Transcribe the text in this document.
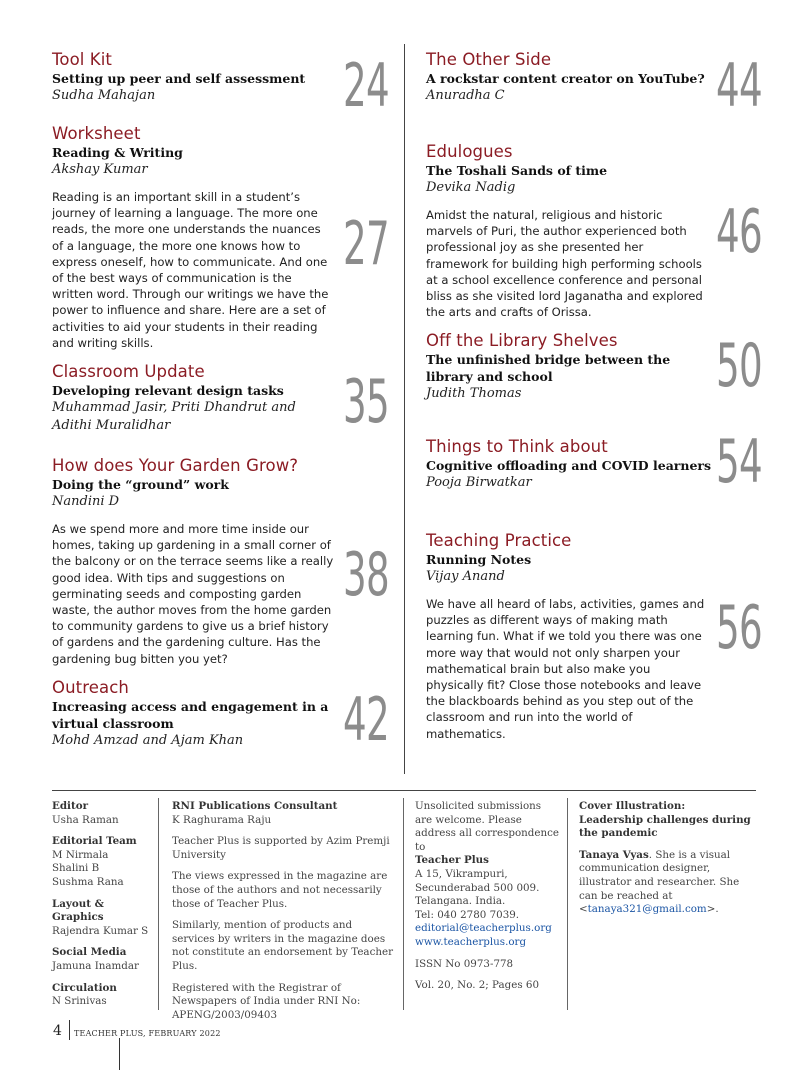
Tool Kit
Setting up peer and self assessment
Sudha Mahajan	24
Worksheet
Reading & Writing
Akshay Kumar
Reading is an important skill in a student’s journey of learning a language. The more one reads, the more one understands the nuances of a language, the more one knows how to express oneself, how to communicate. And one of the best ways of communication is the written word. Through our writings we have the power to influence and share. Here are a set of activities to aid your students in their reading and writing skills.
27
Classroom Update
Developing relevant design tasks
Muhammad Jasir, Priti Dhandrut and Adithi Muralidhar	35
How does Your Garden Grow?
Doing the “ground” work
Nandini D
As we spend more and more time inside our homes, taking up gardening in a small corner of the balcony or on the terrace seems like a really good idea. With tips and suggestions on germinating seeds and composting garden waste, the author moves from the home garden to community gardens to give us a brief history of gardens and the gardening culture. Has the gardening bug bitten you yet?
38
Outreach
Increasing access and engagement in a virtual classroom
Mohd Amzad and Ajam Khan	42
The Other Side
A rockstar content creator on YouTube?
Anuradha C	44
Edulogues
The Toshali Sands of time
Devika Nadig
Amidst the natural, religious and historic marvels of Puri, the author experienced both professional joy as she presented her framework for building high performing schools at a school excellence conference and personal bliss as she visited lord Jaganatha and explored the arts and crafts of Orissa.
46
Off the Library Shelves
The unfinished bridge between the library and school
Judith Thomas	50
Things to Think about
Cognitive offloading and COVID learners
Pooja Birwatkar	54
Teaching Practice
Running Notes
Vijay Anand
We have all heard of labs, activities, games and puzzles as different ways of making math learning fun. What if we told you there was one more way that would not only sharpen your mathematical brain but also make you physically fit? Close those notebooks and leave the blackboards behind as you step out of the classroom and run into the world of mathematics.
56
Editor
Usha Raman
Editorial Team
M Nirmala
Shalini B
Sushma Rana
Layout & Graphics
Rajendra Kumar S
Social Media
Jamuna Inamdar
Circulation
N Srinivas
RNI Publications Consultant
K Raghurama Raju
Teacher Plus is supported by Azim Premji University
The views expressed in the magazine are those of the authors and not necessarily those of Teacher Plus.
Similarly, mention of products and services by writers in the magazine does not constitute an endorsement by Teacher Plus.
Registered with the Registrar of Newspapers of India under RNI No: APENG/2003/09403
Unsolicited submissions are welcome. Please address all correspondence to
Teacher Plus
A 15, Vikrampuri,
Secunderabad 500 009.
Telangana. India.
Tel: 040 2780 7039.
editorial@teacherplus.org
www.teacherplus.org
ISSN No 0973-778
Vol. 20, No. 2; Pages 60
Cover Illustration:
Leadership challenges during the pandemic
Tanaya Vyas. She is a visual communication designer, illustrator and researcher. She can be reached at <tanaya321@gmail.com>.
4 TEACHER PLUS, FEBRUARY 2022
